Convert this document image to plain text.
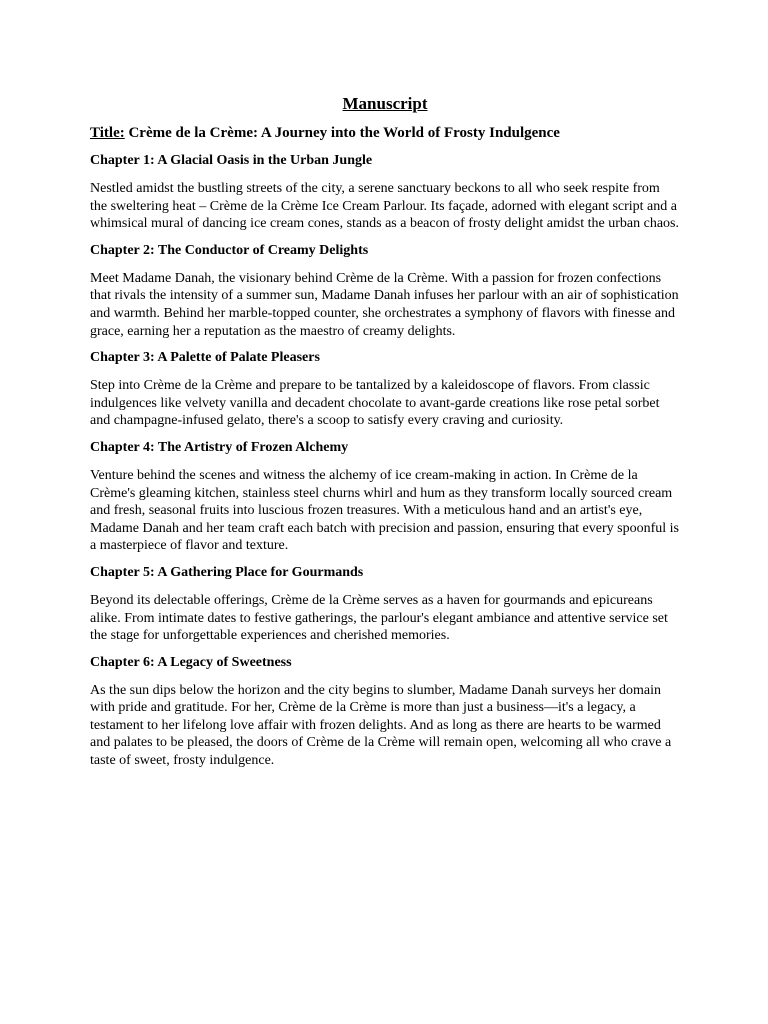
Manuscript

Title: Crème de la Crème: A Journey into the World of Frosty Indulgence

Chapter 1: A Glacial Oasis in the Urban Jungle

Nestled amidst the bustling streets of the city, a serene sanctuary beckons to all who seek respite from the sweltering heat – Crème de la Crème Ice Cream Parlour. Its façade, adorned with elegant script and a whimsical mural of dancing ice cream cones, stands as a beacon of frosty delight amidst the urban chaos.

Chapter 2: The Conductor of Creamy Delights

Meet Madame Danah, the visionary behind Crème de la Crème. With a passion for frozen confections that rivals the intensity of a summer sun, Madame Danah infuses her parlour with an air of sophistication and warmth. Behind her marble-topped counter, she orchestrates a symphony of flavors with finesse and grace, earning her a reputation as the maestro of creamy delights.

Chapter 3: A Palette of Palate Pleasers

Step into Crème de la Crème and prepare to be tantalized by a kaleidoscope of flavors. From classic indulgences like velvety vanilla and decadent chocolate to avant-garde creations like rose petal sorbet and champagne-infused gelato, there's a scoop to satisfy every craving and curiosity.

Chapter 4: The Artistry of Frozen Alchemy

Venture behind the scenes and witness the alchemy of ice cream-making in action. In Crème de la Crème's gleaming kitchen, stainless steel churns whirl and hum as they transform locally sourced cream and fresh, seasonal fruits into luscious frozen treasures. With a meticulous hand and an artist's eye, Madame Danah and her team craft each batch with precision and passion, ensuring that every spoonful is a masterpiece of flavor and texture.

Chapter 5: A Gathering Place for Gourmands

Beyond its delectable offerings, Crème de la Crème serves as a haven for gourmands and epicureans alike. From intimate dates to festive gatherings, the parlour's elegant ambiance and attentive service set the stage for unforgettable experiences and cherished memories.

Chapter 6: A Legacy of Sweetness

As the sun dips below the horizon and the city begins to slumber, Madame Danah surveys her domain with pride and gratitude. For her, Crème de la Crème is more than just a business—it's a legacy, a testament to her lifelong love affair with frozen delights. And as long as there are hearts to be warmed and palates to be pleased, the doors of Crème de la Crème will remain open, welcoming all who crave a taste of sweet, frosty indulgence.
